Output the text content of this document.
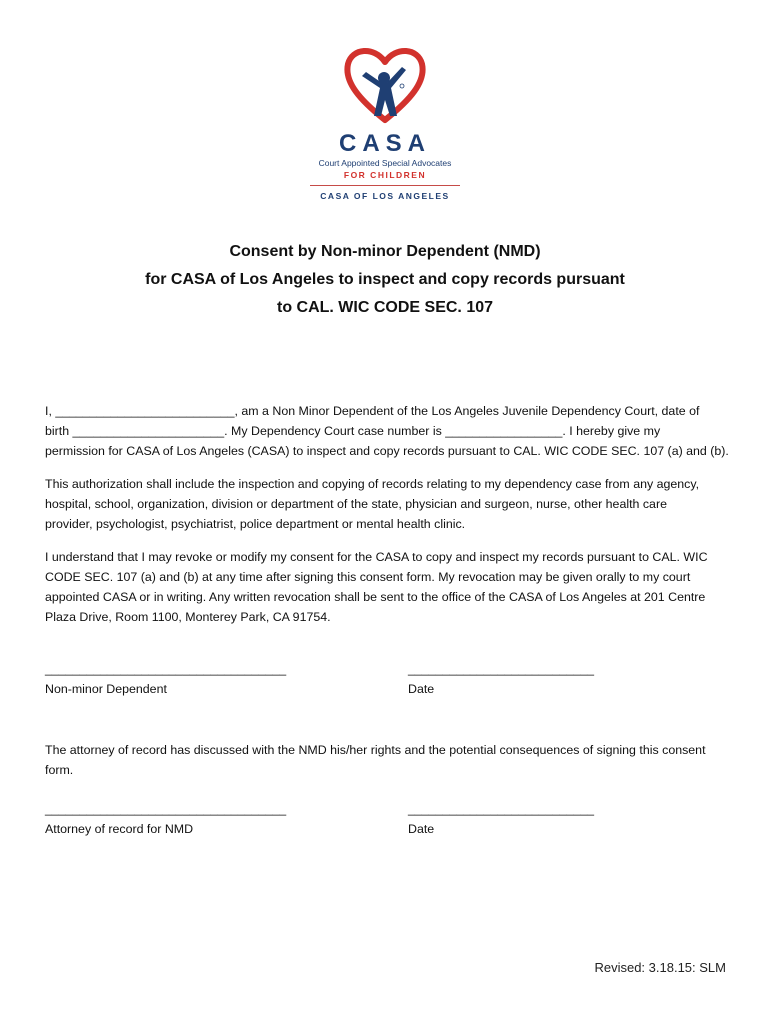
CASA
Court Appointed Special Advocates
FOR CHILDREN
CASA OF LOS ANGELES
Consent by Non-minor Dependent (NMD)
for CASA of Los Angeles to inspect and copy records pursuant
to CAL. WIC CODE SEC. 107
I, __________________________, am a Non Minor Dependent of the Los Angeles Juvenile Dependency Court, date of
birth ______________________. My Dependency Court case number is _________________. I hereby give my
permission for CASA of Los Angeles (CASA) to inspect and copy records pursuant to CAL. WIC CODE SEC. 107 (a) and (b).
This authorization shall include the inspection and copying of records relating to my dependency case from any agency,
hospital, school, organization, division or department of the state, physician and surgeon, nurse, other health care
provider, psychologist, psychiatrist, police department or mental health clinic.
I understand that I may revoke or modify my consent for the CASA to copy and inspect my records pursuant to CAL. WIC
CODE SEC. 107 (a) and (b) at any time after signing this consent form. My revocation may be given orally to my court
appointed CASA or in writing. Any written revocation shall be sent to the office of the CASA of Los Angeles at 201 Centre
Plaza Drive, Room 1100, Monterey Park, CA 91754.
___________________________________	___________________________
Non-minor Dependent	Date
The attorney of record has discussed with the NMD his/her rights and the potential consequences of signing this consent
form.
___________________________________	___________________________
Attorney of record for NMD	Date
Revised: 3.18.15: SLM
